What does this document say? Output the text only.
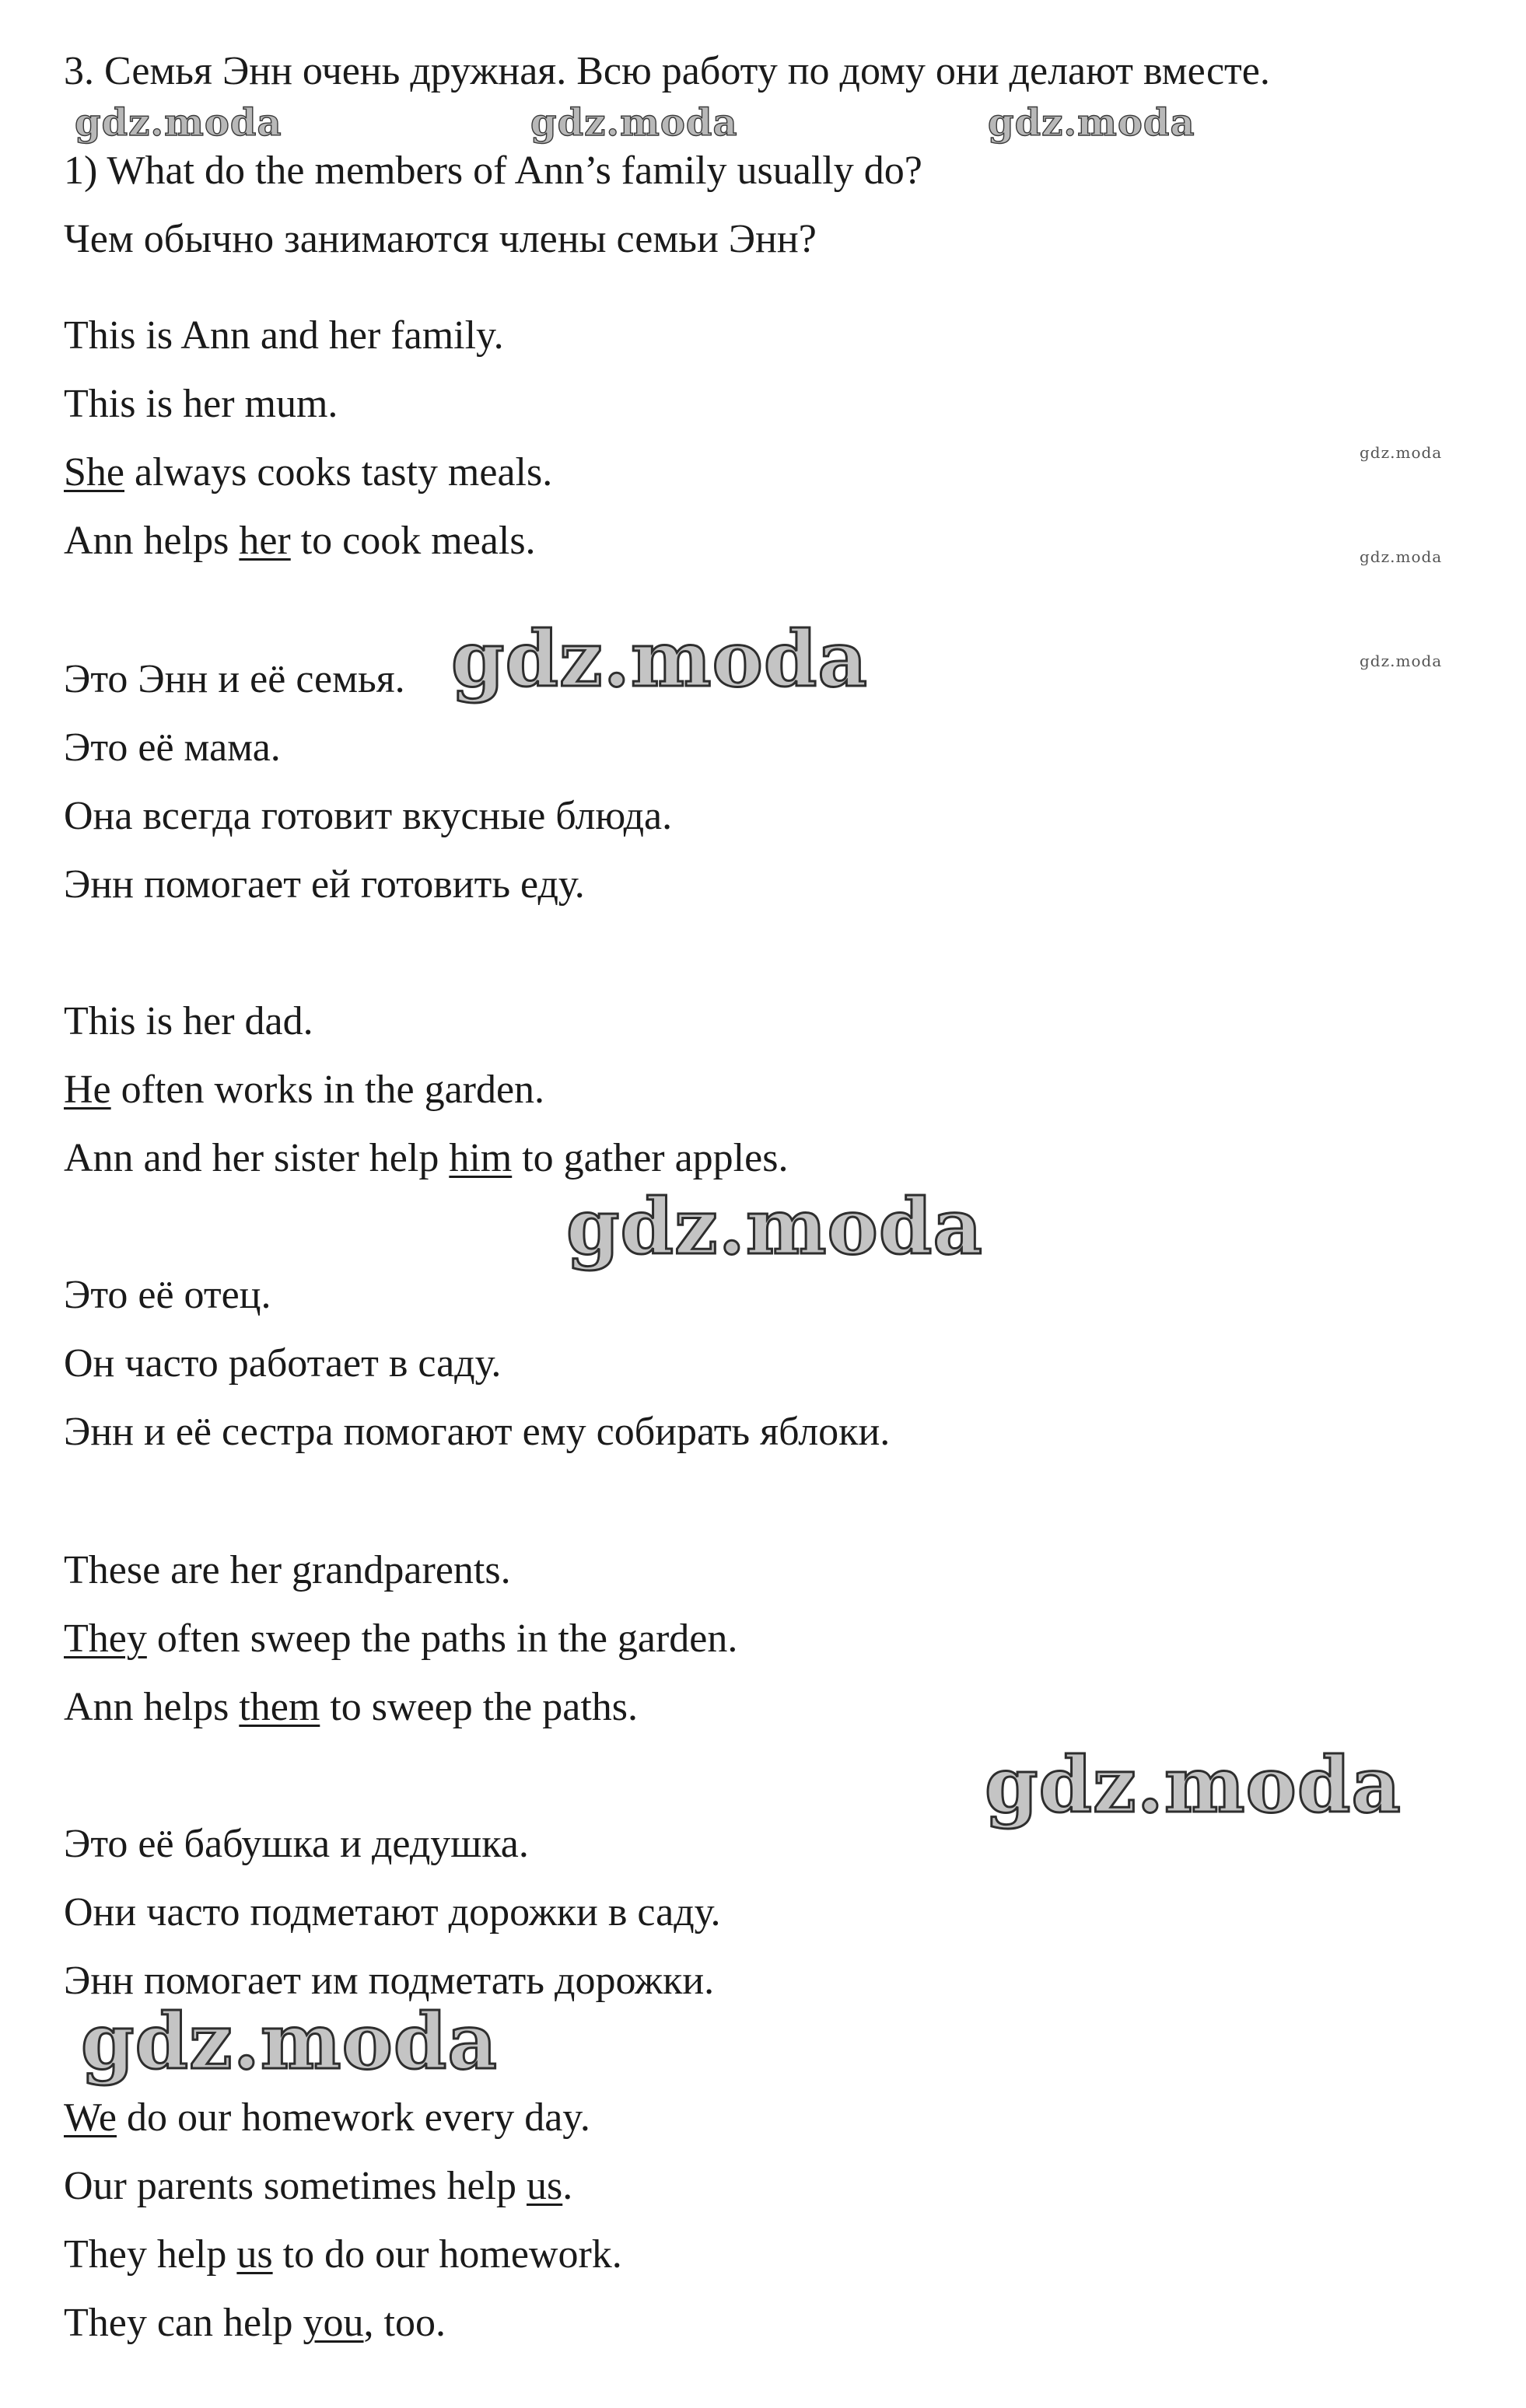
3. Семья Энн очень дружная. Всю работу по дому они делают вместе.
gdz.moda	gdz.moda	gdz.moda
1) What do the members of Ann’s family usually do?
Чем обычно занимаются члены семьи Энн?
This is Ann and her family.
This is her mum.
She always cooks tasty meals.
Ann helps her to cook meals.
gdz.moda
gdz.moda
gdz.moda
Это Энн и её семья. gdz.moda
Это её мама.
Она всегда готовит вкусные блюда.
Энн помогает ей готовить еду.
This is her dad.
He often works in the garden.
Ann and her sister help him to gather apples.
gdz.moda
Это её отец.
Он часто работает в саду.
Энн и её сестра помогают ему собирать яблоки.
These are her grandparents.
They often sweep the paths in the garden.
Ann helps them to sweep the paths.
gdz.moda
Это её бабушка и дедушка.
Они часто подметают дорожки в саду.
Энн помогает им подметать дорожки.
gdz.moda
We do our homework every day.
Our parents sometimes help us.
They help us to do our homework.
They can help you, too.
